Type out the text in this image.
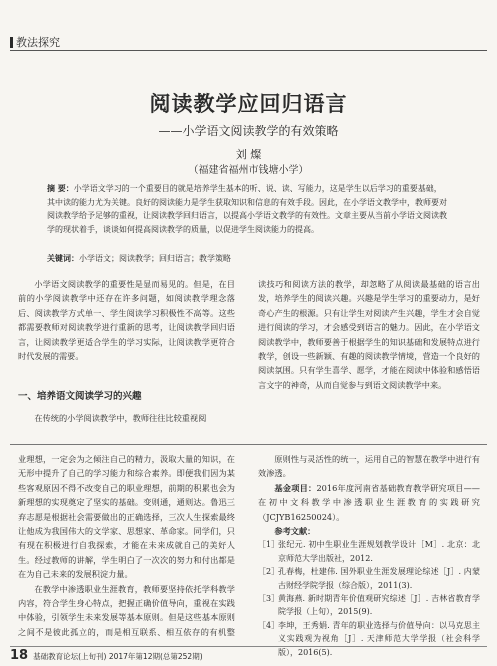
教法探究
阅读教学应回归语言
——小学语文阅读教学的有效策略
刘 燦
（福建省福州市钱塘小学）
摘 要：小学语文学习的一个重要目的就是培养学生基本的听、说、读、写能力，这是学生以后学习的重要基础，其中读的能力尤为关键。良好的阅读能力是学生获取知识和信息的有效手段。因此，在小学语文教学中，教师要对阅读教学给予足够的重视，让阅读教学回归语言，以提高小学语文教学的有效性。文章主要从当前小学语文阅读教学的现状着手，谈谈如何提高阅读教学的质量，以促进学生阅读能力的提高。
关键词：小学语文；阅读教学；回归语言；教学策略

小学语文阅读教学的重要性是显而易见的。但是，在目前的小学阅读教学中还存在许多问题，如阅读教学理念落后、阅读教学方式单一、学生阅读学习积极性不高等。这些都需要教师对阅读教学进行重新的思考，让阅读教学回归语言，让阅读教学更适合学生的学习实际，让阅读教学更符合时代发展的需要。

一、培养语文阅读学习的兴趣

在传统的小学阅读教学中，教师往往比较重视阅

读技巧和阅读方法的教学，却忽略了从阅读最基础的语言出发，培养学生的阅读兴趣。兴趣是学生学习的重要动力，是好奇心产生的根源。只有让学生对阅读产生兴趣，学生才会自觉进行阅读的学习，才会感受到语言的魅力。因此，在小学语文阅读教学中，教师要善于根据学生的知识基础和发展特点进行教学，创设一些新颖、有趣的阅读教学情境，营造一个良好的阅读氛围。只有学生喜学、愿学，才能在阅读中体验和感悟语言文字的神奇，从而自觉参与到语文阅读教学中来。

业理想，一定会为之倾注自己的精力，汲取大量的知识，在无形中提升了自己的学习能力和综合素养。即便我们因为某些客观原因不得不改变自己的职业理想，前期的积累也会为新理想的实现奠定了坚实的基础。变则通，通则达。鲁迅三弃志愿是根据社会需要做出的正确选择，三次人生探索最终让他成为我国伟大的文学家、思想家、革命家。同学们，只有现在积极进行自我探索，才能在未来成就自己的美好人生。经过教师的讲解，学生明白了一次次的努力和付出都是在为自己未来的发展积淀力量。

在教学中渗透职业生涯教育，教师要坚持依托学科教学内容，符合学生身心特点，把握正确价值导向，重视在实践中体验，引领学生未来发展等基本原则。但是这些基本原则之间不是彼此孤立的，而是相互联系、相互依存的有机整

原则性与灵活性的统一，运用自己的智慧在教学中进行有效渗透。

基金项目：2016年度河南省基础教育教学研究项目——在初中文科教学中渗透职业生涯教育的实践研究（JCJYB16250024）。

参考文献：

［1］
张纪元. 初中生职业生涯规划教学设计［M］. 北京：北京师范大学出版社，2012.
［2］
孔春梅，杜建伟. 国外职业生涯发展理论综述［J］. 内蒙古财经学院学报（综合版），2011(3).
［3］
黄海燕. 新时期青年价值观研究综述［J］. 吉林省教育学院学报（上旬），2015(9).
［4］
李坤，王秀娟. 青年的职业选择与价值导向：以马克思主义实践观为视角［J］. 天津师范大学学报（社会科学版），2016(5).
18 基础教育论坛(上旬刊) 2017年第12期(总第252期)
